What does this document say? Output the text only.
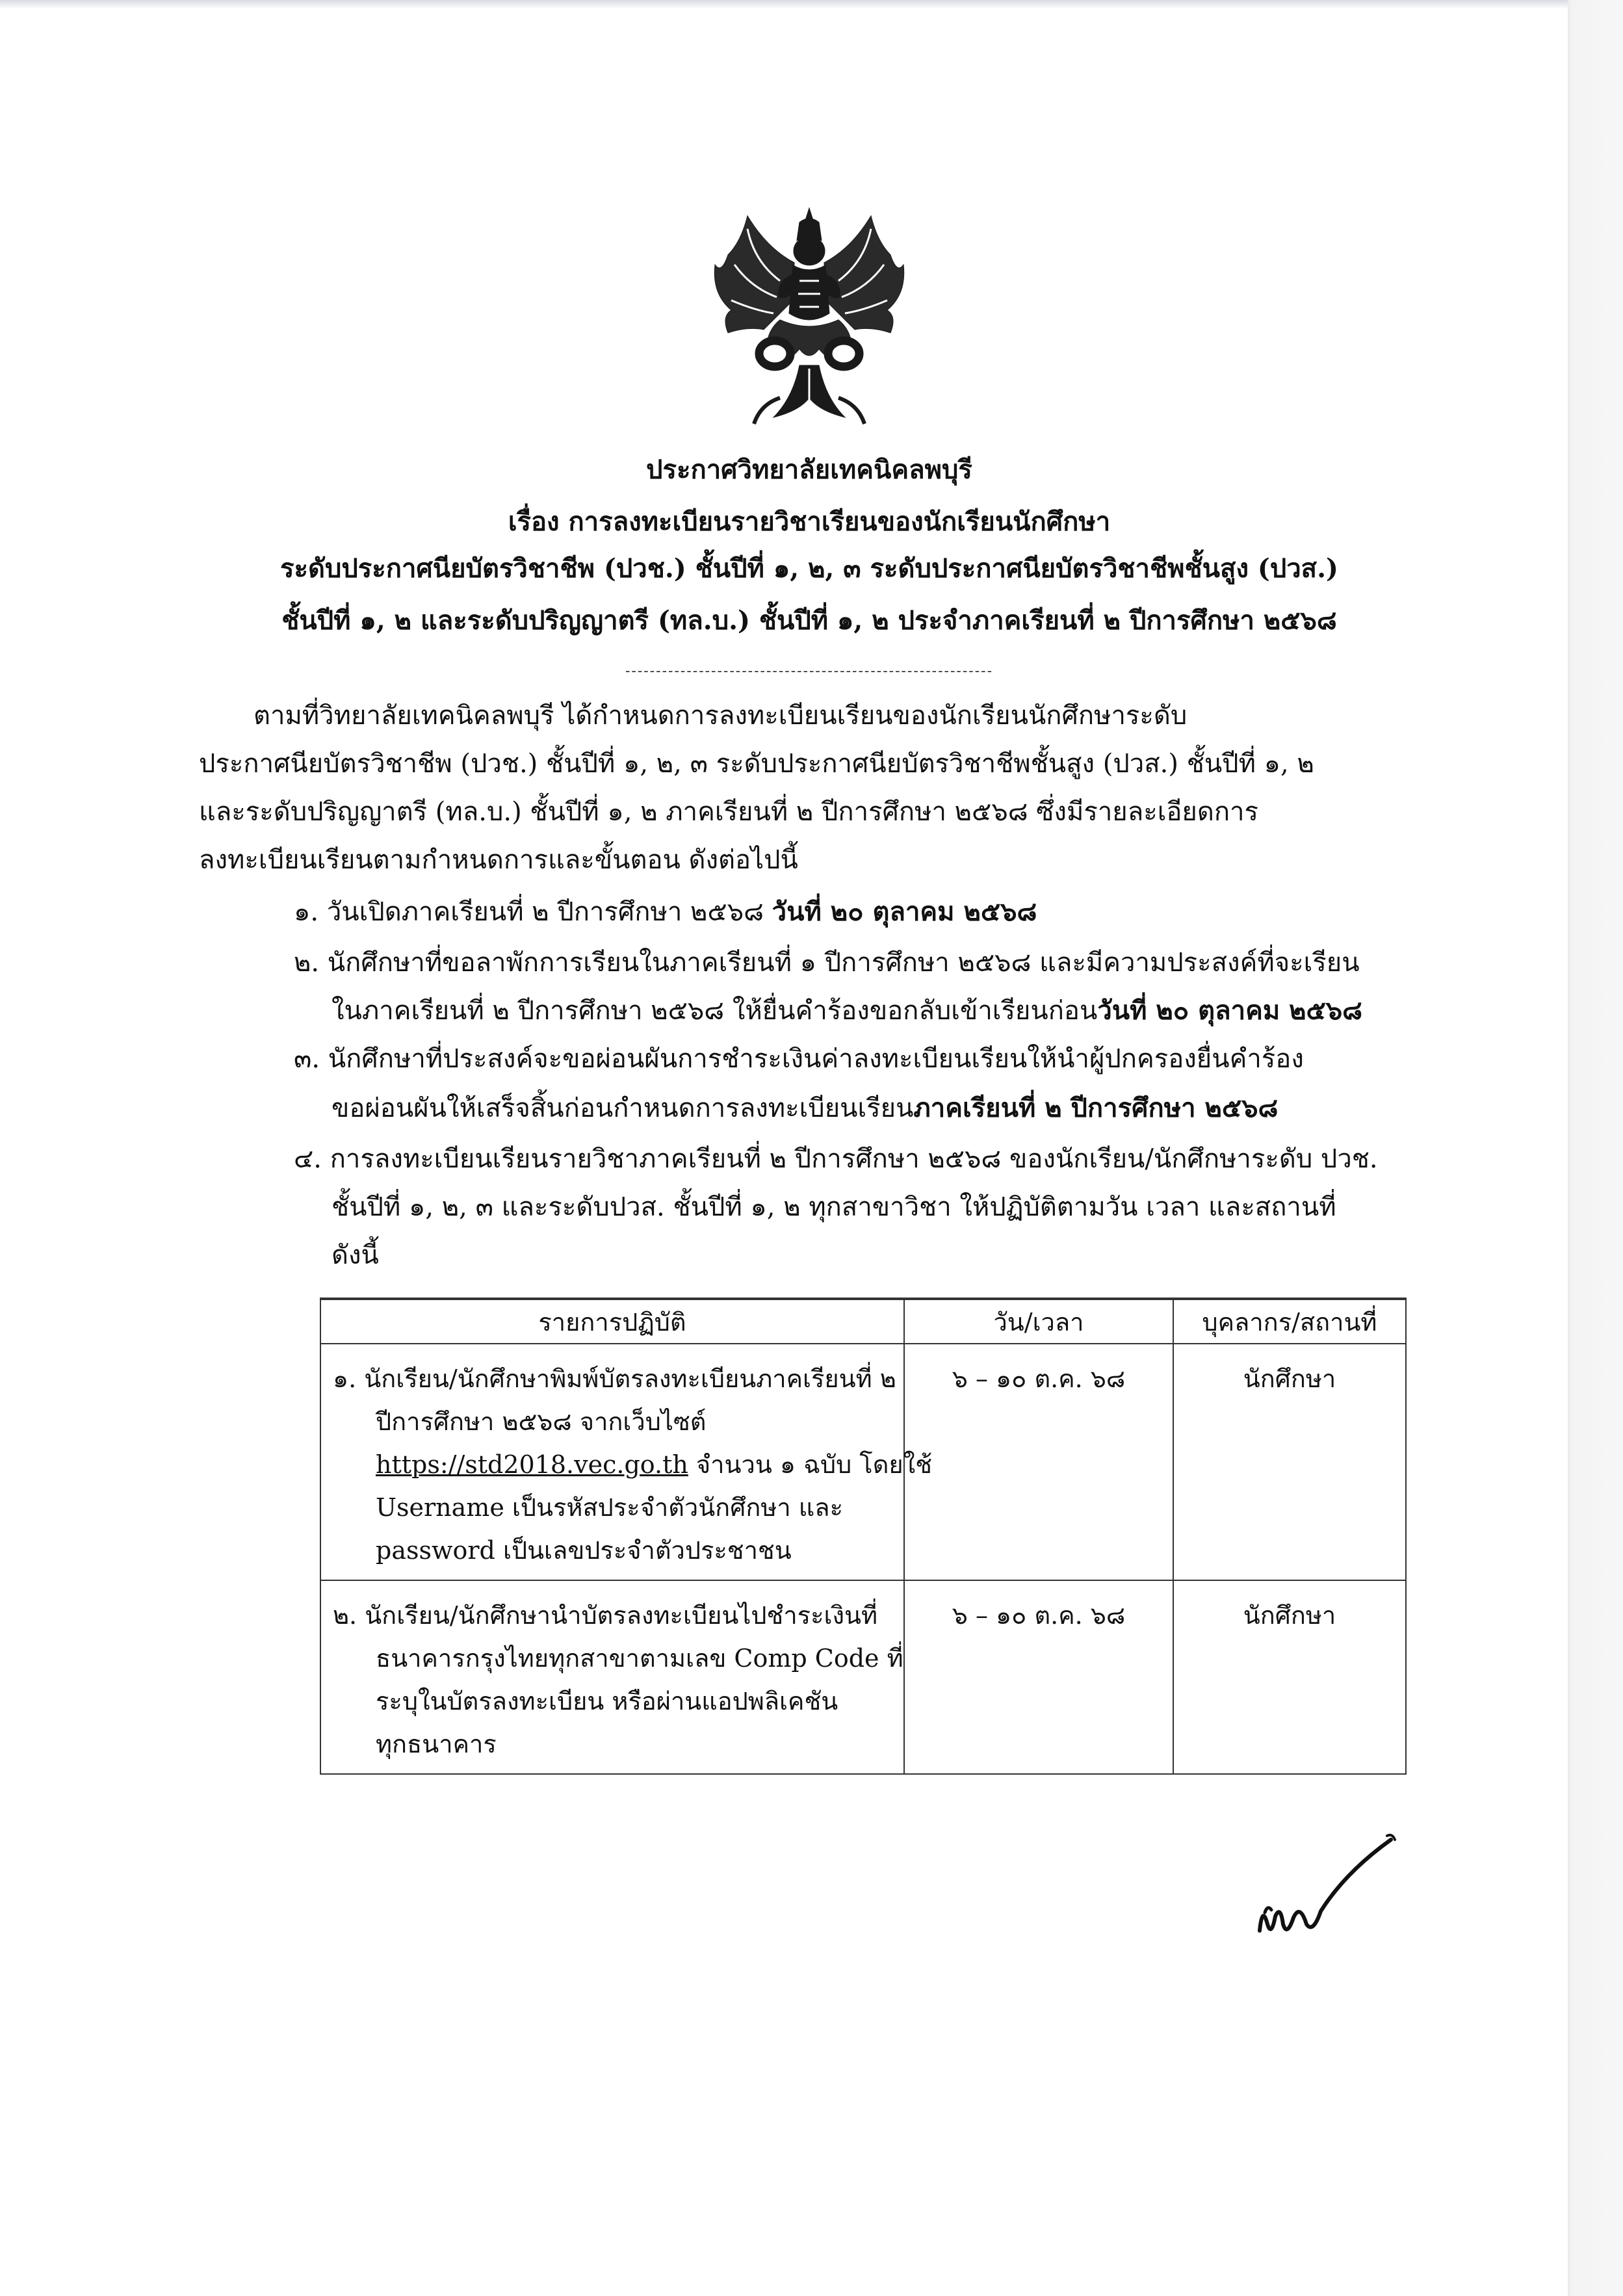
ประกาศวิทยาลัยเทคนิคลพบุรี
เรื่อง การลงทะเบียนรายวิชาเรียนของนักเรียนนักศึกษา
ระดับประกาศนียบัตรวิชาชีพ (ปวช.) ชั้นปีที่ ๑, ๒, ๓ ระดับประกาศนียบัตรวิชาชีพชั้นสูง (ปวส.)
ชั้นปีที่ ๑, ๒ และระดับปริญญาตรี (ทล.บ.) ชั้นปีที่ ๑, ๒ ประจำภาคเรียนที่ ๒ ปีการศึกษา ๒๕๖๘
------------------------------------------------------------
ตามที่วิทยาลัยเทคนิคลพบุรี ได้กำหนดการลงทะเบียนเรียนของนักเรียนนักศึกษาระดับ
ประกาศนียบัตรวิชาชีพ (ปวช.) ชั้นปีที่ ๑, ๒, ๓ ระดับประกาศนียบัตรวิชาชีพชั้นสูง (ปวส.) ชั้นปีที่ ๑, ๒
และระดับปริญญาตรี (ทล.บ.) ชั้นปีที่ ๑, ๒ ภาคเรียนที่ ๒ ปีการศึกษา ๒๕๖๘ ซึ่งมีรายละเอียดการ
ลงทะเบียนเรียนตามกำหนดการและขั้นตอน ดังต่อไปนี้
๑. วันเปิดภาคเรียนที่ ๒ ปีการศึกษา ๒๕๖๘ วันที่ ๒๐ ตุลาคม ๒๕๖๘
๒. นักศึกษาที่ขอลาพักการเรียนในภาคเรียนที่ ๑ ปีการศึกษา ๒๕๖๘ และมีความประสงค์ที่จะเรียน
ในภาคเรียนที่ ๒ ปีการศึกษา ๒๕๖๘ ให้ยื่นคำร้องขอกลับเข้าเรียนก่อนวันที่ ๒๐ ตุลาคม ๒๕๖๘
๓. นักศึกษาที่ประสงค์จะขอผ่อนผันการชำระเงินค่าลงทะเบียนเรียนให้นำผู้ปกครองยื่นคำร้อง
ขอผ่อนผันให้เสร็จสิ้นก่อนกำหนดการลงทะเบียนเรียนภาคเรียนที่ ๒ ปีการศึกษา ๒๕๖๘
๔. การลงทะเบียนเรียนรายวิชาภาคเรียนที่ ๒ ปีการศึกษา ๒๕๖๘ ของนักเรียน/นักศึกษาระดับ ปวช.
ชั้นปีที่ ๑, ๒, ๓ และระดับปวส. ชั้นปีที่ ๑, ๒ ทุกสาขาวิชา ให้ปฏิบัติตามวัน เวลา และสถานที่
ดังนี้
รายการปฏิบัติ	วัน/เวลา	บุคลากร/สถานที่

๑. นักเรียน/นักศึกษาพิมพ์บัตรลงทะเบียนภาคเรียนที่ ๒
ปีการศึกษา ๒๕๖๘ จากเว็บไซต์
https://std2018.vec.go.th จำนวน ๑ ฉบับ โดยใช้
Username เป็นรหัสประจำตัวนักศึกษา และ
password เป็นเลขประจำตัวประชาชน	๖ – ๑๐ ต.ค. ๖๘	นักศึกษา

๒. นักเรียน/นักศึกษานำบัตรลงทะเบียนไปชำระเงินที่
ธนาคารกรุงไทยทุกสาขาตามเลข Comp Code ที่
ระบุในบัตรลงทะเบียน หรือผ่านแอปพลิเคชัน
ทุกธนาคาร	๖ – ๑๐ ต.ค. ๖๘	นักศึกษา
